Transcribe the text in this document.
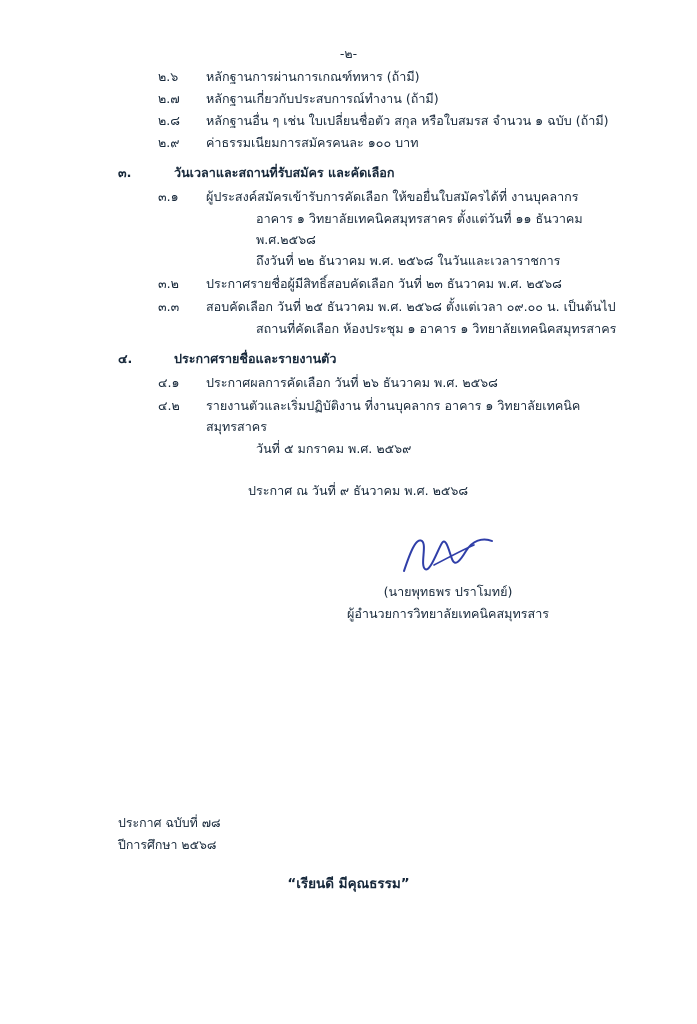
-๒-
๒.๖	หลักฐานการผ่านการเกณฑ์ทหาร (ถ้ามี)
๒.๗	หลักฐานเกี่ยวกับประสบการณ์ทำงาน (ถ้ามี)
๒.๘	หลักฐานอื่น ๆ เช่น ใบเปลี่ยนชื่อตัว สกุล หรือใบสมรส จำนวน ๑ ฉบับ (ถ้ามี)
๒.๙	ค่าธรรมเนียมการสมัครคนละ ๑๐๐ บาท
๓.	วันเวลาและสถานที่รับสมัคร และคัดเลือก
๓.๑	ผู้ประสงค์สมัครเข้ารับการคัดเลือก ให้ขอยื่นใบสมัครได้ที่ งานบุคลากร
อาคาร ๑ วิทยาลัยเทคนิคสมุทรสาคร ตั้งแต่วันที่ ๑๑ ธันวาคม พ.ศ.๒๕๖๘
ถึงวันที่ ๒๒ ธันวาคม พ.ศ. ๒๕๖๘ ในวันและเวลาราชการ
๓.๒	ประกาศรายชื่อผู้มีสิทธิ์สอบคัดเลือก วันที่ ๒๓ ธันวาคม พ.ศ. ๒๕๖๘
๓.๓	สอบคัดเลือก วันที่ ๒๕ ธันวาคม พ.ศ. ๒๕๖๘ ตั้งแต่เวลา ๐๙.๐๐ น. เป็นต้นไป
สถานที่คัดเลือก ห้องประชุม ๑ อาคาร ๑ วิทยาลัยเทคนิคสมุทรสาคร
๔.	ประกาศรายชื่อและรายงานตัว
๔.๑	ประกาศผลการคัดเลือก วันที่ ๒๖ ธันวาคม พ.ศ. ๒๕๖๘
๔.๒	รายงานตัวและเริ่มปฏิบัติงาน ที่งานบุคลากร อาคาร ๑ วิทยาลัยเทคนิคสมุทรสาคร
วันที่ ๕ มกราคม พ.ศ. ๒๕๖๙
ประกาศ ณ วันที่ ๙ ธันวาคม พ.ศ. ๒๕๖๘
(นายพุทธพร ปราโมทย์)
ผู้อำนวยการวิทยาลัยเทคนิคสมุทรสาร
ประกาศ ฉบับที่ ๗๘
ปีการศึกษา ๒๕๖๘
“เรียนดี มีคุณธรรม”
